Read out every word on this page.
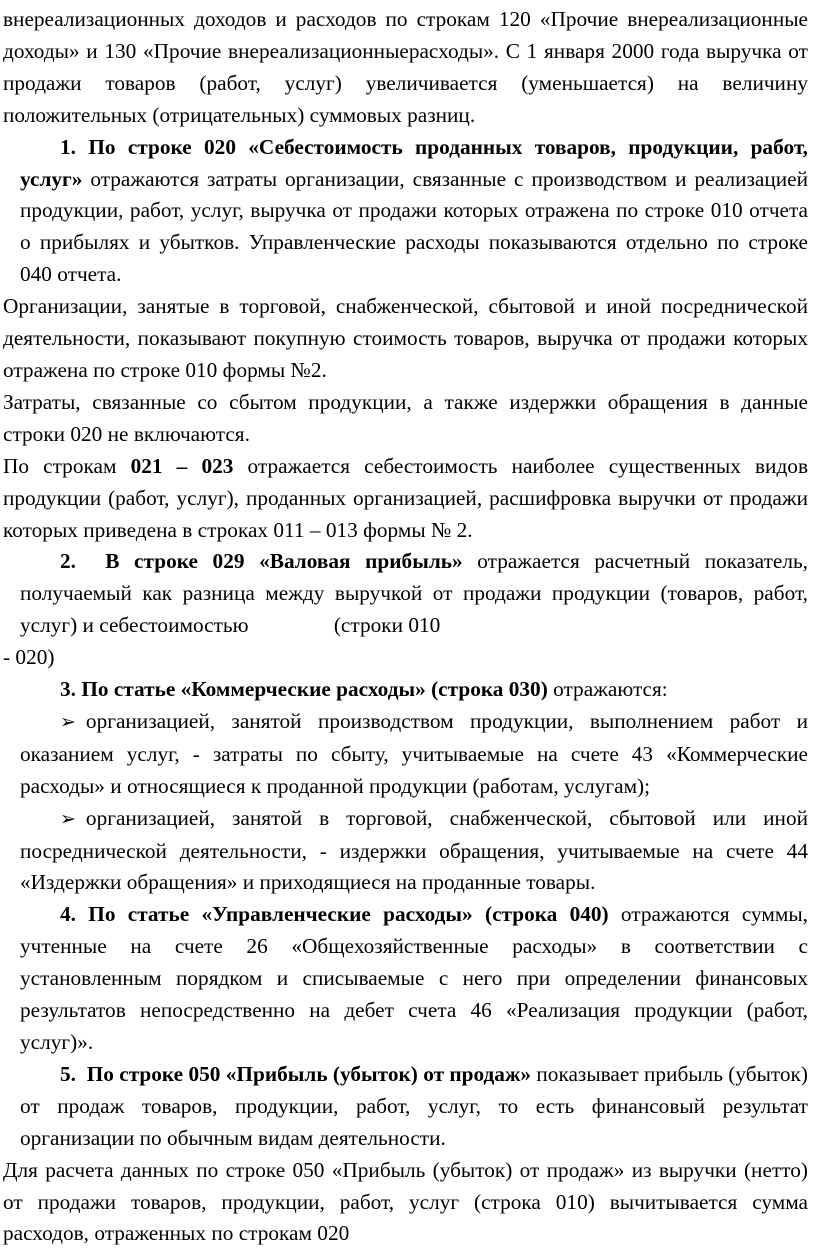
внереализационных доходов и расходов по строкам 120 «Прочие внереализационные доходы» и 130 «Прочие внереализационныерасходы». С 1 января 2000 года выручка от продажи товаров (работ, услуг) увеличивается (уменьшается) на величину положительных (отрицательных) суммовых разниц.

1. По строке 020 «Себестоимость проданных товаров, продукции, работ, услуг» отражаются затраты организации, связанные с производством и реализацией продукции, работ, услуг, выручка от продажи которых отражена по строке 010 отчета о прибылях и убытков. Управленческие расходы показываются отдельно по строке 040 отчета.

Организации, занятые в торговой, снабженческой, сбытовой и иной посреднической деятельности, показывают покупную стоимость товаров, выручка от продажи которых отражена по строке 010 формы №2.

Затраты, связанные со сбытом продукции, а также издержки обращения в данные строки 020 не включаются.

По строкам 021 – 023 отражается себестоимость наиболее существенных видов продукции (работ, услуг), проданных организацией, расшифровка выручки от продажи которых приведена в строках 011 – 013 формы № 2.

2. В строке 029 «Валовая прибыль» отражается расчетный показатель, получаемый как разница между выручкой от продажи продукции (товаров, работ, услуг) и себестоимостью	(строки 010

- 020)

3. По статье «Коммерческие расходы» (строка 030) отражаются:

➢ организацией, занятой производством продукции, выполнением работ и оказанием услуг, - затраты по сбыту, учитываемые на счете 43 «Коммерческие расходы» и относящиеся к проданной продукции (работам, услугам);

➢ организацией, занятой в торговой, снабженческой, сбытовой или иной посреднической деятельности, - издержки обращения, учитываемые на счете 44 «Издержки обращения» и приходящиеся на проданные товары.

4. По статье «Управленческие расходы» (строка 040) отражаются суммы, учтенные на счете 26 «Общехозяйственные расходы» в соответствии с установленным порядком и списываемые с него при определении финансовых результатов непосредственно на дебет счета 46 «Реализация продукции (работ, услуг)».

5. По строке 050 «Прибыль (убыток) от продаж» показывает прибыль (убыток) от продаж товаров, продукции, работ, услуг, то есть финансовый результат организации по обычным видам деятельности.

Для расчета данных по строке 050 «Прибыль (убыток) от продаж» из выручки (нетто) от продажи товаров, продукции, работ, услуг (строка 010) вычитывается сумма расходов, отраженных по строкам 020
